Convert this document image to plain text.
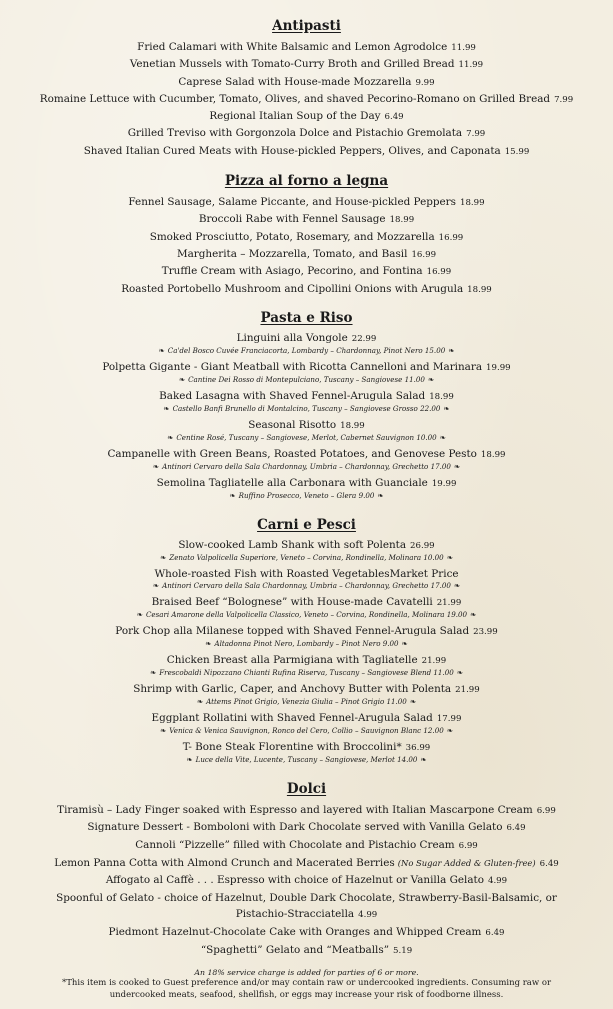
Antipasti
Fried Calamari with White Balsamic and Lemon Agrodolce 11.99
Venetian Mussels with Tomato-Curry Broth and Grilled Bread 11.99
Caprese Salad with House-made Mozzarella 9.99
Romaine Lettuce with Cucumber, Tomato, Olives, and shaved Pecorino-Romano on Grilled Bread 7.99
Regional Italian Soup of the Day 6.49
Grilled Treviso with Gorgonzola Dolce and Pistachio Gremolata 7.99
Shaved Italian Cured Meats with House-pickled Peppers, Olives, and Caponata 15.99
Pizza al forno a legna
Fennel Sausage, Salame Piccante, and House-pickled Peppers 18.99
Broccoli Rabe with Fennel Sausage 18.99
Smoked Prosciutto, Potato, Rosemary, and Mozzarella 16.99
Margherita – Mozzarella, Tomato, and Basil 16.99
Truffle Cream with Asiago, Pecorino, and Fontina 16.99
Roasted Portobello Mushroom and Cipollini Onions with Arugula 18.99
Pasta e Riso
Linguini alla Vongole 22.99
❧ Ca'del Bosco Cuvée Franciacorta, Lombardy – Chardonnay, Pinot Nero 15.00 ❧
Polpetta Gigante - Giant Meatball with Ricotta Cannelloni and Marinara 19.99
❧ Cantine Dei Rosso di Montepulciano, Tuscany – Sangiovese 11.00 ❧
Baked Lasagna with Shaved Fennel-Arugula Salad 18.99
❧ Castello Banfi Brunello di Montalcino, Tuscany – Sangiovese Grosso 22.00 ❧
Seasonal Risotto 18.99
❧ Centine Rosé, Tuscany – Sangiovese, Merlot, Cabernet Sauvignon 10.00 ❧
Campanelle with Green Beans, Roasted Potatoes, and Genovese Pesto 18.99
❧ Antinori Cervaro della Sala Chardonnay, Umbria – Chardonnay, Grechetto 17.00 ❧
Semolina Tagliatelle alla Carbonara with Guanciale 19.99
❧ Ruffino Prosecco, Veneto – Glera 9.00 ❧
Carni e Pesci
Slow-cooked Lamb Shank with soft Polenta 26.99
❧ Zenato Valpolicella Superiore, Veneto – Corvina, Rondinella, Molinara 10.00 ❧
Whole-roasted Fish with Roasted VegetablesMarket Price
❧ Antinori Cervaro della Sala Chardonnay, Umbria – Chardonnay, Grechetto 17.00 ❧
Braised Beef “Bolognese” with House-made Cavatelli 21.99
❧ Cesari Amarone della Valpolicella Classico, Veneto – Corvina, Rondinella, Molinara 19.00 ❧
Pork Chop alla Milanese topped with Shaved Fennel-Arugula Salad 23.99
❧ Altadonna Pinot Nero, Lombardy – Pinot Nero 9.00 ❧
Chicken Breast alla Parmigiana with Tagliatelle 21.99
❧ Frescobaldi Nipozzano Chianti Rufina Riserva, Tuscany – Sangiovese Blend 11.00 ❧
Shrimp with Garlic, Caper, and Anchovy Butter with Polenta 21.99
❧ Attems Pinot Grigio, Venezia Giulia – Pinot Grigio 11.00 ❧
Eggplant Rollatini with Shaved Fennel-Arugula Salad 17.99
❧ Venica & Venica Sauvignon, Ronco del Cero, Collio – Sauvignon Blanc 12.00 ❧
T- Bone Steak Florentine with Broccolini* 36.99
❧ Luce della Vite, Lucente, Tuscany – Sangiovese, Merlot 14.00 ❧
Dolci
Tiramisù – Lady Finger soaked with Espresso and layered with Italian Mascarpone Cream 6.99
Signature Dessert - Bomboloni with Dark Chocolate served with Vanilla Gelato 6.49
Cannoli “Pizzelle” filled with Chocolate and Pistachio Cream 6.99
Lemon Panna Cotta with Almond Crunch and Macerated Berries (No Sugar Added & Gluten-free) 6.49
Affogato al Caffè . . . Espresso with choice of Hazelnut or Vanilla Gelato 4.99
Spoonful of Gelato - choice of Hazelnut, Double Dark Chocolate, Strawberry-Basil-Balsamic, or
Pistachio-Stracciatella 4.99
Piedmont Hazelnut-Chocolate Cake with Oranges and Whipped Cream 6.49
“Spaghetti” Gelato and “Meatballs” 5.19
An 18% service charge is added for parties of 6 or more.
*This item is cooked to Guest preference and/or may contain raw or undercooked ingredients. Consuming raw or
undercooked meats, seafood, shellfish, or eggs may increase your risk of foodborne illness.
